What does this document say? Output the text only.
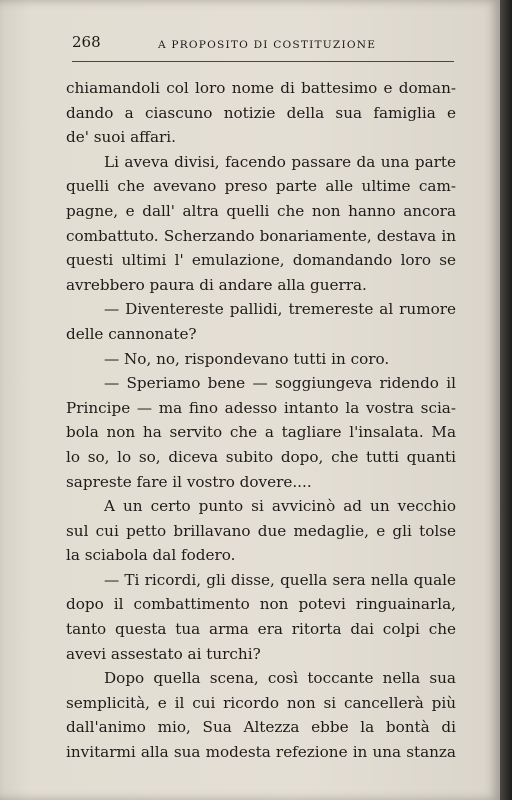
268	A PROPOSITO DI COSTITUZIONE
chiamandoli col loro nome di battesimo e doman-
dando a ciascuno notizie della sua famiglia e
de' suoi affari.
Li aveva divisi, facendo passare da una parte
quelli che avevano preso parte alle ultime cam-
pagne, e dall' altra quelli che non hanno ancora
combattuto. Scherzando bonariamente, destava in
questi ultimi l' emulazione, domandando loro se
avrebbero paura di andare alla guerra.
— Diventereste pallidi, tremereste al rumore
delle cannonate?
— No, no, rispondevano tutti in coro.
— Speriamo bene — soggiungeva ridendo il
Principe — ma fino adesso intanto la vostra scia-
bola non ha servito che a tagliare l'insalata. Ma
lo so, lo so, diceva subito dopo, che tutti quanti
sapreste fare il vostro dovere....
A un certo punto si avvicinò ad un vecchio
sul cui petto brillavano due medaglie, e gli tolse
la sciabola dal fodero.
— Ti ricordi, gli disse, quella sera nella quale
dopo il combattimento non potevi ringuainarla,
tanto questa tua arma era ritorta dai colpi che
avevi assestato ai turchi?
Dopo quella scena, così toccante nella sua
semplicità, e il cui ricordo non si cancellerà più
dall'animo mio, Sua Altezza ebbe la bontà di
invitarmi alla sua modesta refezione in una stanza
